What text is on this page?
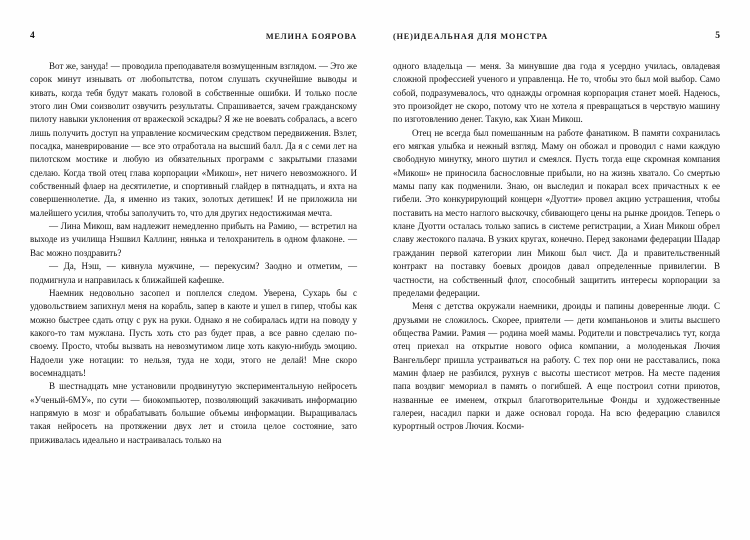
4	МЕЛИНА БОЯРОВА

Вот же, зануда! — проводила преподавателя возмущенным взглядом. — Это же сорок минут изнывать от любопытства, потом слушать скучнейшие выводы и кивать, когда тебя будут макать головой в собственные ошибки. И только после этого лин Оми соизволит озвучить результаты. Спрашивается, зачем гражданскому пилоту навыки уклонения от вражеской эскадры? Я же не воевать собралась, а всего лишь получить доступ на управление космическим средством передвижения. Взлет, посадка, маневрирование — все это отработала на высший балл. Да я с семи лет на пилотском мостике и любую из обязательных программ с закрытыми глазами сделаю. Когда твой отец глава корпорации «Микош», нет ничего невозможного. И собственный флаер на десятилетие, и спортивный глайдер в пятнадцать, и яхта на совершеннолетие. Да, я именно из таких, золотых детишек! И не приложила ни малейшего усилия, чтобы заполучить то, что для других недостижимая мечта.

— Лина Микош, вам надлежит немедленно прибыть на Рамию, — встретил на выходе из училища Нэшвил Каллинг, нянька и телохранитель в одном флаконе. — Вас можно поздравить?

— Да, Нэш, — кивнула мужчине, — перекусим? Заодно и отметим, — подмигнула и направилась к ближайшей кафешке.

Наемник недовольно засопел и поплелся следом. Уверена, Сухарь бы с удовольствием запихнул меня на корабль, запер в каюте и ушел в гипер, чтобы как можно быстрее сдать отцу с рук на руки. Однако я не собиралась идти на поводу у какого-то там мужлана. Пусть хоть сто раз будет прав, а все равно сделаю по-своему. Просто, чтобы вызвать на невозмутимом лице хоть какую-нибудь эмоцию. Надоели уже нотации: то нельзя, туда не ходи, этого не делай! Мне скоро восемнадцать!

В шестнадцать мне установили продвинутую экспериментальную нейросеть «Ученый-6МУ», по сути — биокомпьютер, позволяющий закачивать информацию напрямую в мозг и обрабатывать большие объемы информации. Выращивалась такая нейросеть на протяжении двух лет и стоила целое состояние, зато приживалась идеально и настраивалась только на

(НЕ)ИДЕАЛЬНАЯ ДЛЯ МОНСТРА	5

одного владельца — меня. За минувшие два года я усердно училась, овладевая сложной профессией ученого и управленца. Не то, чтобы это был мой выбор. Само собой, подразумевалось, что однажды огромная корпорация станет моей. Надеюсь, это произойдет не скоро, потому что не хотела я превращаться в черствую машину по изготовлению денег. Такую, как Хиан Микош.

Отец не всегда был помешанным на работе фанатиком. В памяти сохранилась его мягкая улыбка и нежный взгляд. Маму он обожал и проводил с нами каждую свободную минутку, много шутил и смеялся. Пусть тогда еще скромная компания «Микош» не приносила баснословные прибыли, но на жизнь хватало. Со смертью мамы папу как подменили. Знаю, он выследил и покарал всех причастных к ее гибели. Это конкурирующий концерн «Дуотти» провел акцию устрашения, чтобы поставить на место наглого выскочку, сбивающего цены на рынке дроидов. Теперь о клане Дуотти осталась только запись в системе регистрации, а Хиан Микош обрел славу жестокого палача. В узких кругах, конечно. Перед законами федерации Шадар гражданин первой категории лин Микош был чист. Да и правительственный контракт на поставку боевых дроидов давал определенные привилегии. В частности, на собственный флот, способный защитить интересы корпорации за пределами федерации.

Меня с детства окружали наемники, дроиды и папины доверенные люди. С друзьями не сложилось. Скорее, приятели — дети компаньонов и элиты высшего общества Рамии. Рамия — родина моей мамы. Родители и повстречались тут, когда отец приехал на открытие нового офиса компании, а молоденькая Лючия Вангельберг пришла устраиваться на работу. С тех пор они не расставались, пока мамин флаер не разбился, рухнув с высоты шестисот метров. На месте падения папа воздвиг мемориал в память о погибшей. А еще построил сотни приютов, названные ее именем, открыл благотворительные Фонды и художественные галереи, насадил парки и даже основал города. На всю федерацию славился курортный остров Лючия. Косми-
